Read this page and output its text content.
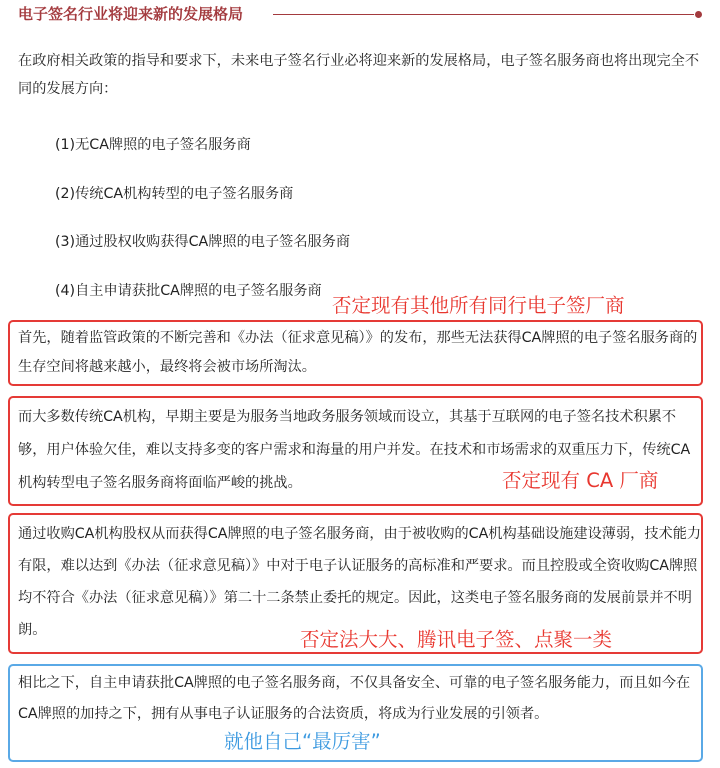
电子签名行业将迎来新的发展格局

在政府相关政策的指导和要求下，未来电子签名行业必将迎来新的发展格局，电子签名服务商也将出现完全不同的发展方向：

(1)无CA牌照的电子签名服务商
(2)传统CA机构转型的电子签名服务商
(3)通过股权收购获得CA牌照的电子签名服务商
(4)自主申请获批CA牌照的电子签名服务商
否定现有其他所有同行电子签厂商

首先，随着监管政策的不断完善和《办法（征求意见稿）》的发布，那些无法获得CA牌照的电子签名服务商的生存空间将越来越小，最终将会被市场所淘汰。

而大多数传统CA机构，早期主要是为服务当地政务服务领域而设立，其基于互联网的电子签名技术积累不够，用户体验欠佳，难以支持多变的客户需求和海量的用户并发。在技术和市场需求的双重压力下，传统CA机构转型电子签名服务商将面临严峻的挑战。	否定现有 CA 厂商

通过收购CA机构股权从而获得CA牌照的电子签名服务商，由于被收购的CA机构基础设施建设薄弱，技术能力有限，难以达到《办法（征求意见稿）》中对于电子认证服务的高标准和严要求。而且控股或全资收购CA牌照均不符合《办法（征求意见稿）》第二十二条禁止委托的规定。因此，这类电子签名服务商的发展前景并不明朗。	否定法大大、腾讯电子签、点聚一类

相比之下，自主申请获批CA牌照的电子签名服务商，不仅具备安全、可靠的电子签名服务能力，而且如今在CA牌照的加持之下，拥有从事电子认证服务的合法资质，将成为行业发展的引领者。

就他自己“最厉害”
